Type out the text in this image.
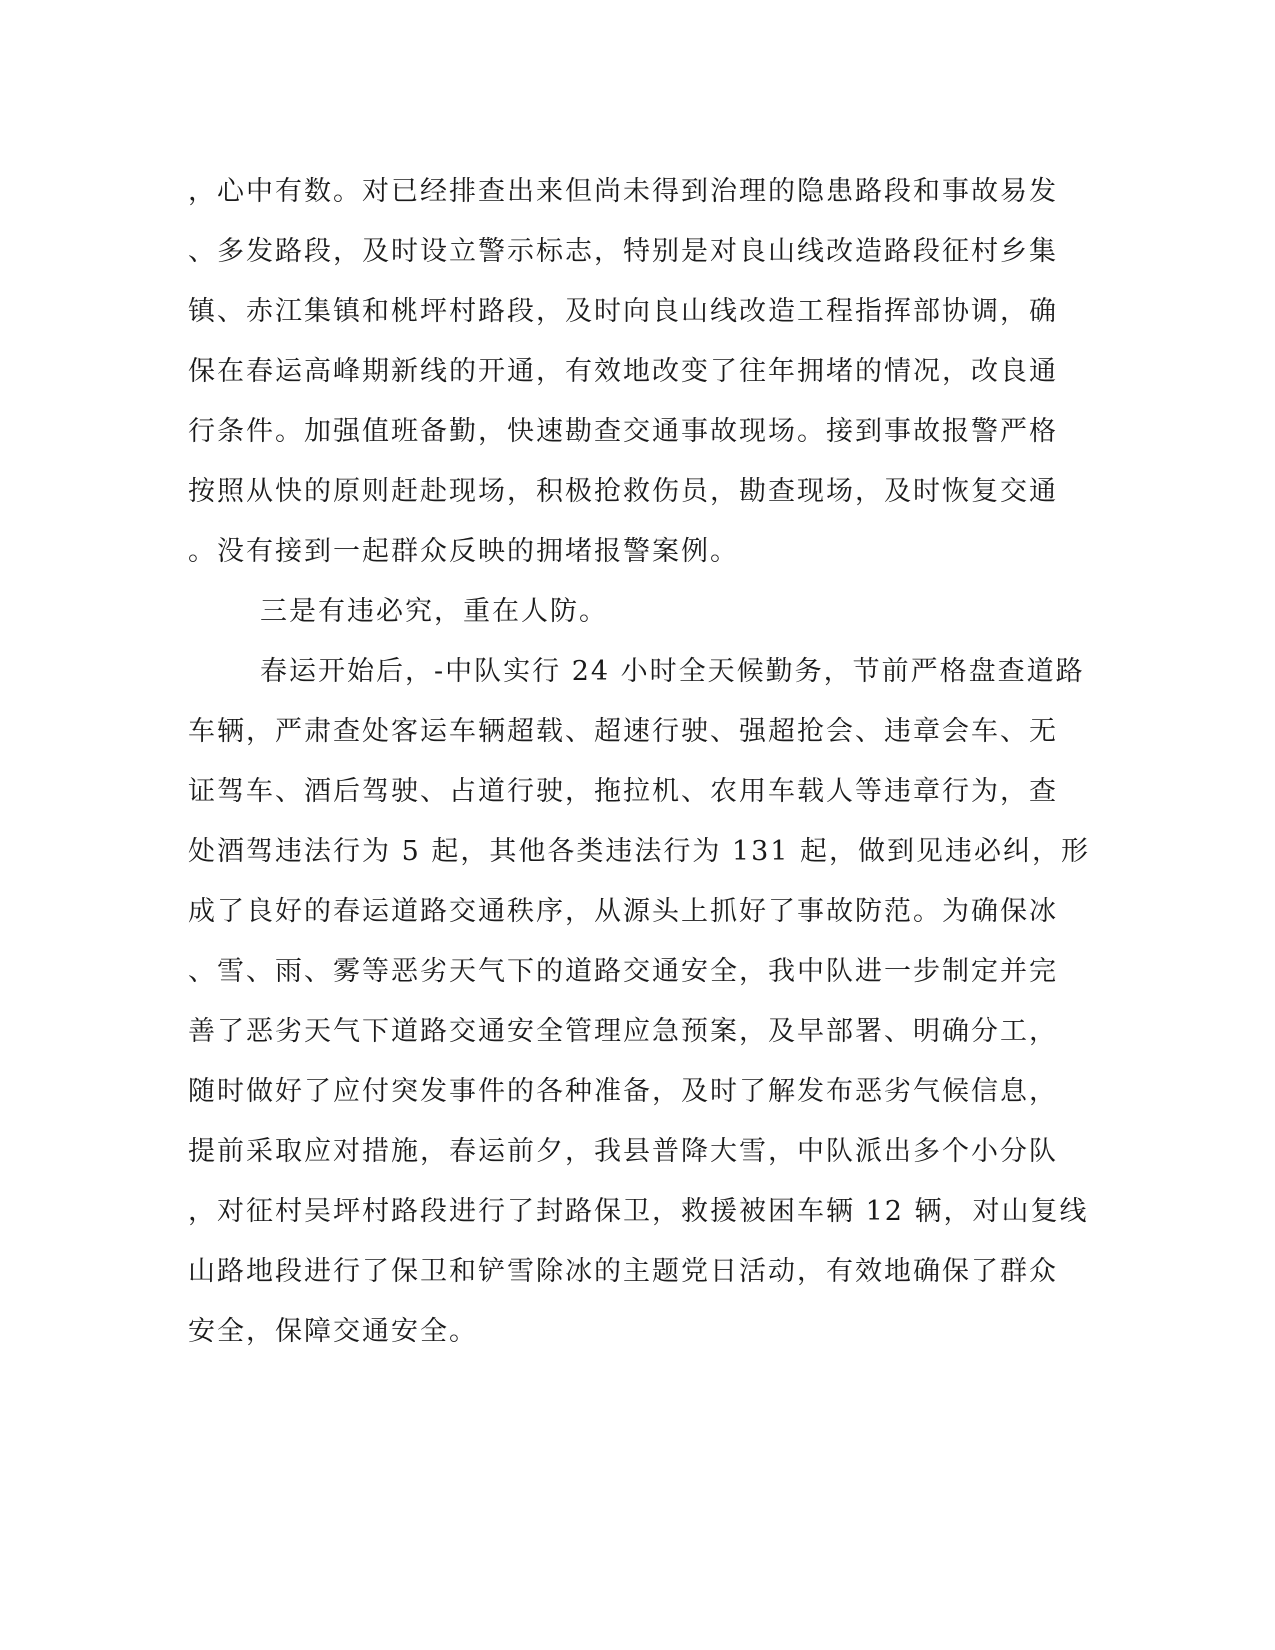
，心中有数。对已经排查出来但尚未得到治理的隐患路段和事故易发
、多发路段，及时设立警示标志，特别是对良山线改造路段征村乡集
镇、赤江集镇和桃坪村路段，及时向良山线改造工程指挥部协调，确
保在春运高峰期新线的开通，有效地改变了往年拥堵的情况，改良通
行条件。加强值班备勤，快速勘查交通事故现场。接到事故报警严格
按照从快的原则赶赴现场，积极抢救伤员，勘查现场，及时恢复交通
。没有接到一起群众反映的拥堵报警案例。
三是有违必究，重在人防。
春运开始后，-中队实行 24 小时全天候勤务，节前严格盘查道路
车辆，严肃查处客运车辆超载、超速行驶、强超抢会、违章会车、无
证驾车、酒后驾驶、占道行驶，拖拉机、农用车载人等违章行为，查
处酒驾违法行为 5 起，其他各类违法行为 131 起，做到见违必纠，形
成了良好的春运道路交通秩序，从源头上抓好了事故防范。为确保冰
、雪、雨、雾等恶劣天气下的道路交通安全，我中队进一步制定并完
善了恶劣天气下道路交通安全管理应急预案，及早部署、明确分工，
随时做好了应付突发事件的各种准备，及时了解发布恶劣气候信息，
提前采取应对措施，春运前夕，我县普降大雪，中队派出多个小分队
，对征村吴坪村路段进行了封路保卫，救援被困车辆 12 辆，对山复线
山路地段进行了保卫和铲雪除冰的主题党日活动，有效地确保了群众
安全，保障交通安全。
